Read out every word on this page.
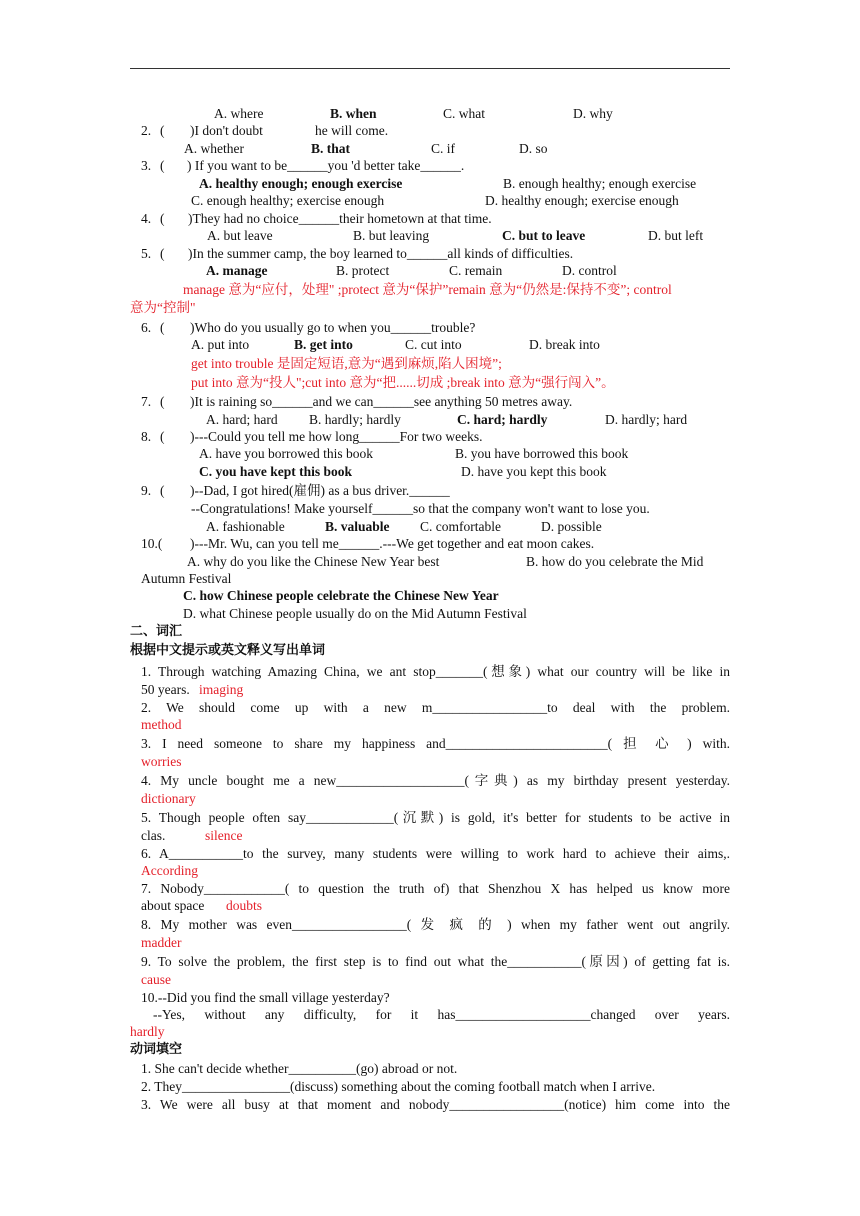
A. where	B. when	C. what	D. why
2. ( )I don't doubt	he will come.
A. whether	B. that	C. if	D. so
3. ( ) If you want to be______you 'd better take______.
A. healthy enough; enough exercise	B. enough healthy; enough exercise
C. enough healthy; exercise enough	D. healthy enough; exercise enough
4. ( )They had no choice______their hometown at that time.
A. but leave	B. but leaving	C. but to leave	D. but left
5. ( )In the summer camp, the boy learned to______all kinds of difficulties.
A. manage	B. protect	C. remain	D. control
manage 意为“应付，处理" ;protect 意为“保护”remain 意为“仍然是:保持不变”; control
意为“控制"
6. ( )Who do you usually go to when you______trouble?
A. put into	B. get into	C. cut into	D. break into
get into trouble 是固定短语,意为“遇到麻烦,陷人困境”;
put into 意为“投人";cut into 意为“把......切成 ;break into 意为“强行闯入”。
7. ( )It is raining so______and we can______see anything 50 metres away.
A. hard; hard B. hardly; hardly	C. hard; hardly	D. hardly; hard
8. ( )---Could you tell me how long______For two weeks.
A. have you borrowed this book	B. you have borrowed this book
C. you have kept this book	D. have you kept this book
9. ( )--Dad, I got hired(雇佣) as a bus driver.______
--Congratulations! Make yourself______so that the company won't want to lose you.
A. fashionable	B. valuable C. comfortable	D. possible
10.( )---Mr. Wu, can you tell me______.---We get together and eat moon cakes.
A. why do you like the Chinese New Year best	B. how do you celebrate the Mid
Autumn Festival
C. how Chinese people celebrate the Chinese New Year
D. what Chinese people usually do on the Mid Autumn Festival
二、词汇
根据中文提示或英文释义写出单词
1. Through watching Amazing China, we ant stop_______(想象) what our country will be like in
50 years. imaging
2. We should come up with a new m_________________to deal with the problem.
method
3. I need someone to share my happiness and________________________( 担 心 ) with.
worries
4. My uncle bought me a new___________________(字典) as my birthday present yesterday.
dictionary
5. Though people often say_____________(沉默) is gold, it's better for students to be active in
clas.	silence
6. A___________to the survey, many students were willing to work hard to achieve their aims,.
According
7. Nobody____________( to question the truth of) that Shenzhou X has helped us know more
about space doubts
8. My mother was even_________________( 发 疯 的 ) when my father went out angrily.
madder
9. To solve the problem, the first step is to find out what the___________(原因) of getting fat is.
cause
10.--Did you find the small village yesterday?
--Yes, without any difficulty, for it has____________________changed over years.
hardly
动词填空
1. She can't decide whether__________(go) abroad or not.
2. They________________(discuss) something about the coming football match when I arrive.
3. We were all busy at that moment and nobody_________________(notice) him come into the
